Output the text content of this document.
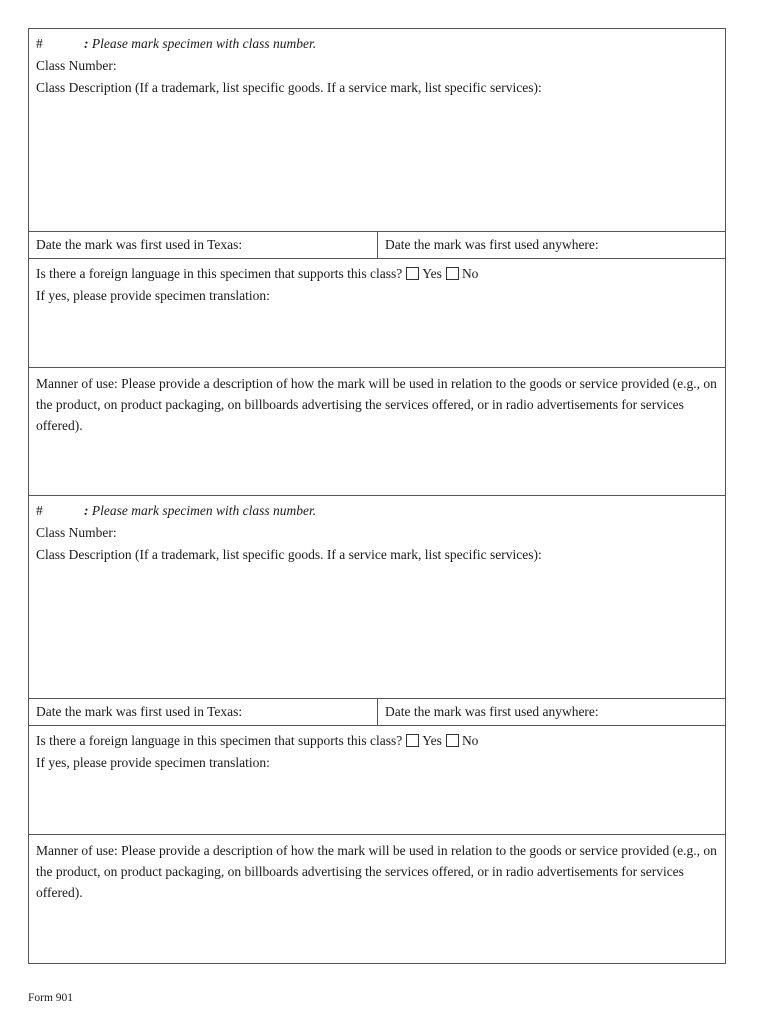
#	: Please mark specimen with class number.
Class Number:
Class Description (If a trademark, list specific goods. If a service mark, list specific services):
Date the mark was first used in Texas:	Date the mark was first used anywhere:
Is there a foreign language in this specimen that supports this class? Yes No
If yes, please provide specimen translation:
Manner of use: Please provide a description of how the mark will be used in relation to the goods or service provided (e.g., on the product, on product packaging, on billboards advertising the services offered, or in radio advertisements for services offered).
#	: Please mark specimen with class number.
Class Number:
Class Description (If a trademark, list specific goods. If a service mark, list specific services):
Date the mark was first used in Texas:	Date the mark was first used anywhere:
Is there a foreign language in this specimen that supports this class? Yes No
If yes, please provide specimen translation:
Manner of use: Please provide a description of how the mark will be used in relation to the goods or service provided (e.g., on the product, on product packaging, on billboards advertising the services offered, or in radio advertisements for services offered).
Form 901
